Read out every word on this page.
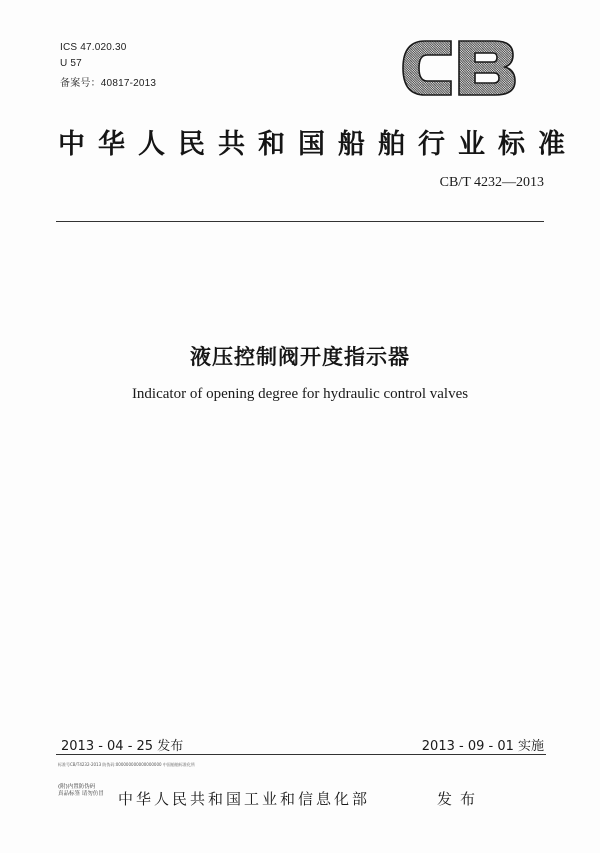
ICS 47.020.30
U 57
备案号：40817-2013
中华人民共和国船舶行业标准
CB/T 4232—2013
液压控制阀开度指示器
Indicator of opening degree for hydraulic control valves
2013 - 04 - 25 发布	2013 - 09 - 01 实施
标准号CB/T4232-2013 防伪码:000000000000000000 中国船舶标准化所
(附)内置防伪码
真品标签 请勿仿冒 中华人民共和国工业和信息化部	发布
